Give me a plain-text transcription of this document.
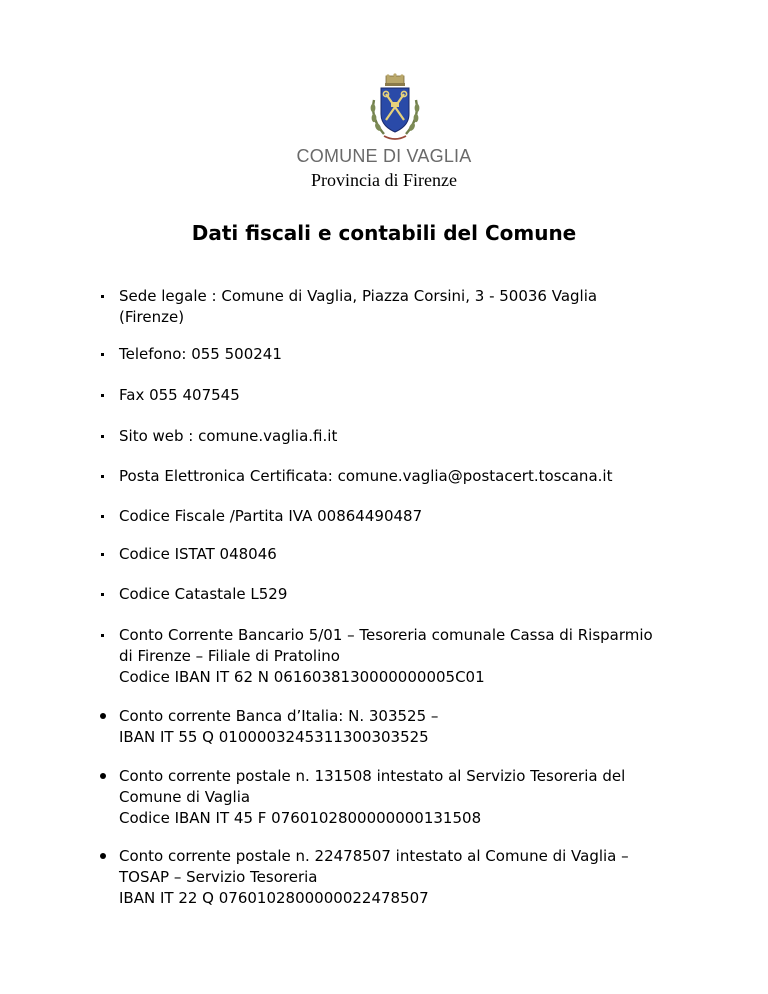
COMUNE DI VAGLIA
Provincia di Firenze
Dati fiscali e contabili del Comune
Sede legale : Comune di Vaglia, Piazza Corsini, 3 - 50036 Vaglia
(Firenze)
Telefono: 055 500241
Fax 055 407545
Sito web : comune.vaglia.fi.it
Posta Elettronica Certificata: comune.vaglia@postacert.toscana.it
Codice Fiscale /Partita IVA 00864490487
Codice ISTAT 048046
Codice Catastale L529
Conto Corrente Bancario 5/01 – Tesoreria comunale Cassa di Risparmio
di Firenze – Filiale di Pratolino
Codice IBAN IT 62 N 0616038130000000005C01
Conto corrente Banca d’Italia: N. 303525 –
IBAN IT 55 Q 0100003245311300303525
Conto corrente postale n. 131508 intestato al Servizio Tesoreria del
Comune di Vaglia
Codice IBAN IT 45 F 0760102800000000131508
Conto corrente postale n. 22478507 intestato al Comune di Vaglia –
TOSAP – Servizio Tesoreria
IBAN IT 22 Q 0760102800000022478507
